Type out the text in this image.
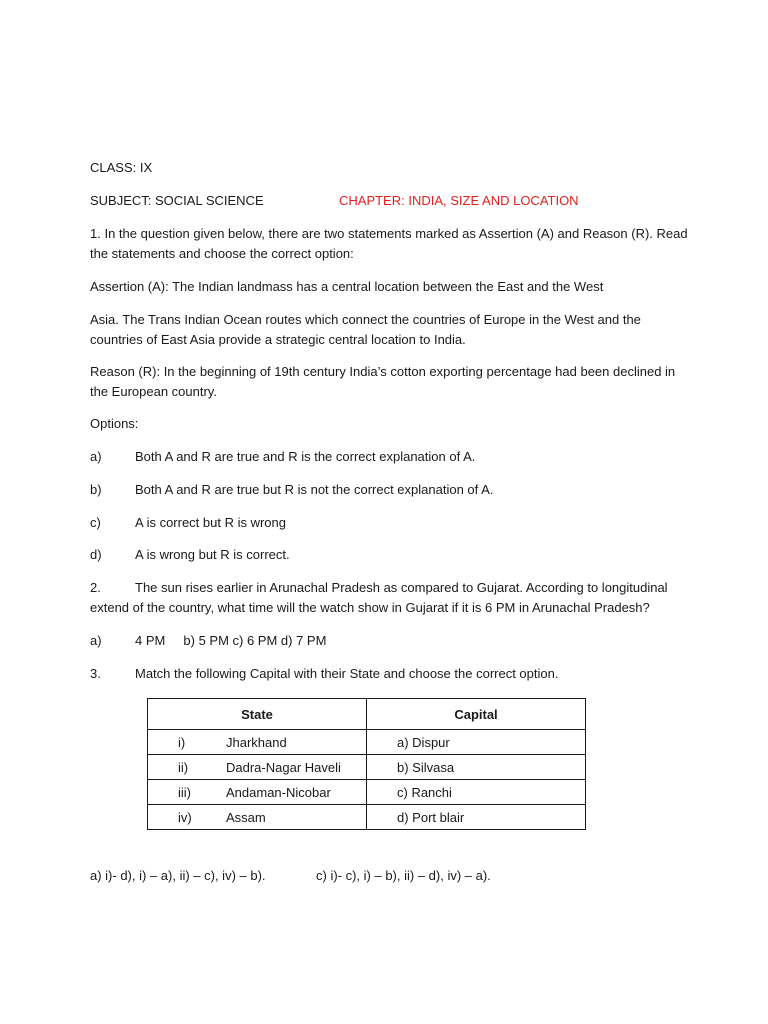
CLASS: IX
SUBJECT: SOCIAL SCIENCE	CHAPTER: INDIA, SIZE AND LOCATION
1. In the question given below, there are two statements marked as Assertion (A) and Reason (R). Read the statements and choose the correct option:
Assertion (A): The Indian landmass has a central location between the East and the West
Asia. The Trans Indian Ocean routes which connect the countries of Europe in the West and the countries of East Asia provide a strategic central location to India.
Reason (R): In the beginning of 19th century India’s cotton exporting percentage had been declined in the European country.
Options:
a)	Both A and R are true and R is the correct explanation of A.
b)	Both A and R are true but R is not the correct explanation of A.
c)	A is correct but R is wrong
d)	A is wrong but R is correct.
2.	The sun rises earlier in Arunachal Pradesh as compared to Gujarat. According to longitudinal
extend of the country, what time will the watch show in Gujarat if it is 6 PM in Arunachal Pradesh?
a)	4 PM     b) 5 PM c) 6 PM d) 7 PM
3.	Match the following Capital with their State and choose the correct option.
State	Capital
i) Jharkhand	a) Dispur
ii) Dadra-Nagar Haveli	b) Silvasa
iii) Andaman-Nicobar	c) Ranchi
iv) Assam	d) Port blair
a) i)- d), i) – a), ii) – c), iv) – b).	c) i)- c), i) – b), ii) – d), iv) – a).
